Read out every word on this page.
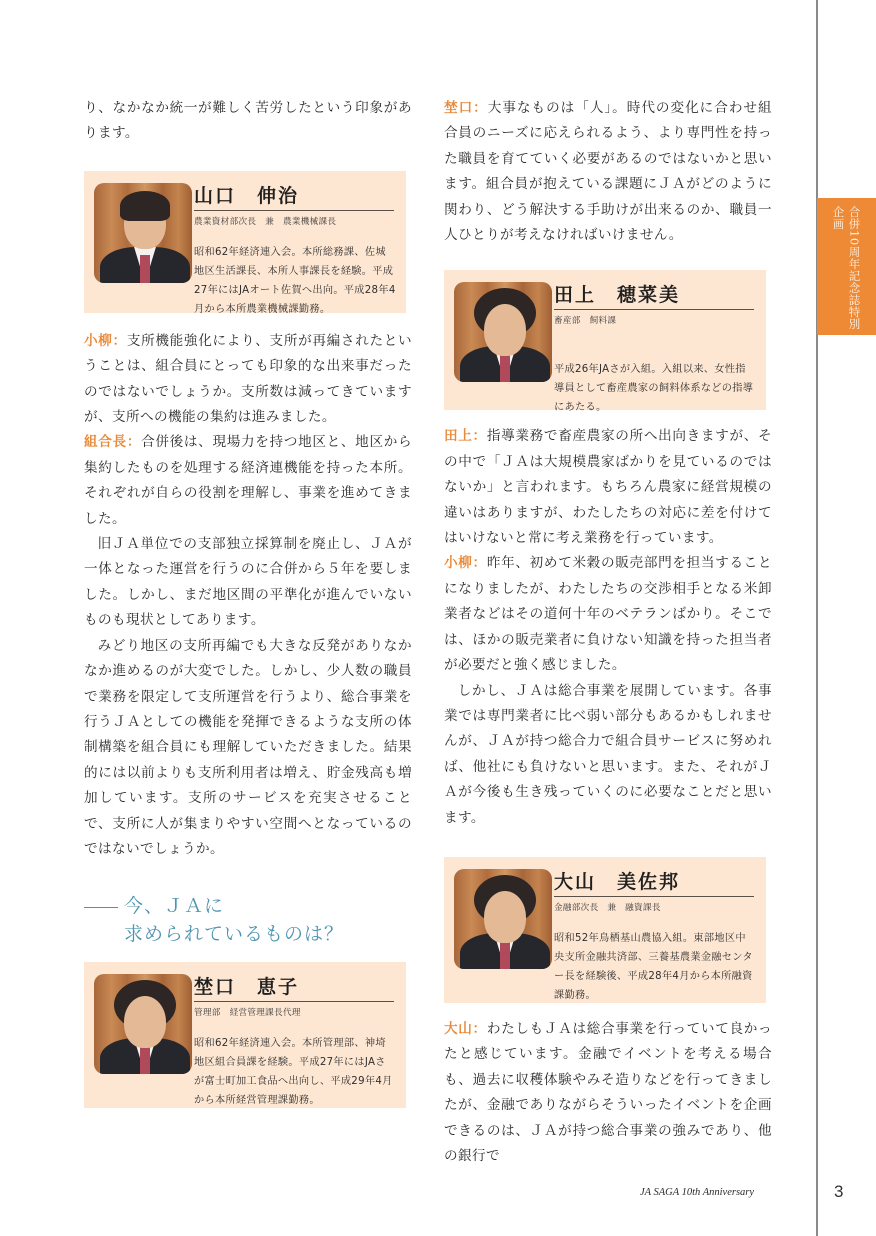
合併10周年記念誌特別企画

り、なかなか統一が難しく苦労したという印象があります。

山口　伸治
農業資材部次長　兼　農業機械課長
昭和62年経済連入会。本所総務課、佐城地区生活課長、本所人事課長を経験。平成27年にはJAオート佐賀へ出向。平成28年4月から本所農業機械課勤務。

小柳：支所機能強化により、支所が再編されたということは、組合員にとっても印象的な出来事だったのではないでしょうか。支所数は減ってきていますが、支所への機能の集約は進みました。

組合長：合併後は、現場力を持つ地区と、地区から集約したものを処理する経済連機能を持った本所。それぞれが自らの役割を理解し、事業を進めてきました。

旧ＪＡ単位での支部独立採算制を廃止し、ＪＡが一体となった運営を行うのに合併から５年を要しました。しかし、まだ地区間の平準化が進んでいないものも現状としてあります。

みどり地区の支所再編でも大きな反発がありなかなか進めるのが大変でした。しかし、少人数の職員で業務を限定して支所運営を行うより、総合事業を行うＪＡとしての機能を発揮できるような支所の体制構築を組合員にも理解していただきました。結果的には以前よりも支所利用者は増え、貯金残高も増加しています。支所のサービスを充実させることで、支所に人が集まりやすい空間へとなっているのではないでしょうか。

今、ＪＡに
求められているものは？
埜口　恵子
管理部　経営管理課長代理
昭和62年経済連入会。本所管理部、神埼地区組合員課を経験。平成27年にはJAさが富士町加工食品へ出向し、平成29年4月から本所経営管理課勤務。

埜口：大事なものは「人」。時代の変化に合わせ組合員のニーズに応えられるよう、より専門性を持った職員を育てていく必要があるのではないかと思います。組合員が抱えている課題にＪＡがどのように関わり、どう解決する手助けが出来るのか、職員一人ひとりが考えなければいけません。

田上　穂菜美
畜産部　飼料課
平成26年JAさが入組。入組以来、女性指導員として畜産農家の飼料体系などの指導にあたる。

田上：指導業務で畜産農家の所へ出向きますが、その中で「ＪＡは大規模農家ばかりを見ているのではないか」と言われます。もちろん農家に経営規模の違いはありますが、わたしたちの対応に差を付けてはいけないと常に考え業務を行っています。

小柳：昨年、初めて米穀の販売部門を担当することになりましたが、わたしたちの交渉相手となる米卸業者などはその道何十年のベテランばかり。そこでは、ほかの販売業者に負けない知識を持った担当者が必要だと強く感じました。

しかし、ＪＡは総合事業を展開しています。各事業では専門業者に比べ弱い部分もあるかもしれませんが、ＪＡが持つ総合力で組合員サービスに努めれば、他社にも負けないと思います。また、それがＪＡが今後も生き残っていくのに必要なことだと思います。

大山　美佐邦
金融部次長　兼　融資課長
昭和52年鳥栖基山農協入組。東部地区中央支所金融共済部、三養基農業金融センター長を経験後、平成28年4月から本所融資課勤務。

大山：わたしもＪＡは総合事業を行っていて良かったと感じています。金融でイベントを考える場合も、過去に収穫体験やみそ造りなどを行ってきましたが、金融でありながらそういったイベントを企画できるのは、ＪＡが持つ総合事業の強みであり、他の銀行で

JA SAGA 10th Anniversary	3
